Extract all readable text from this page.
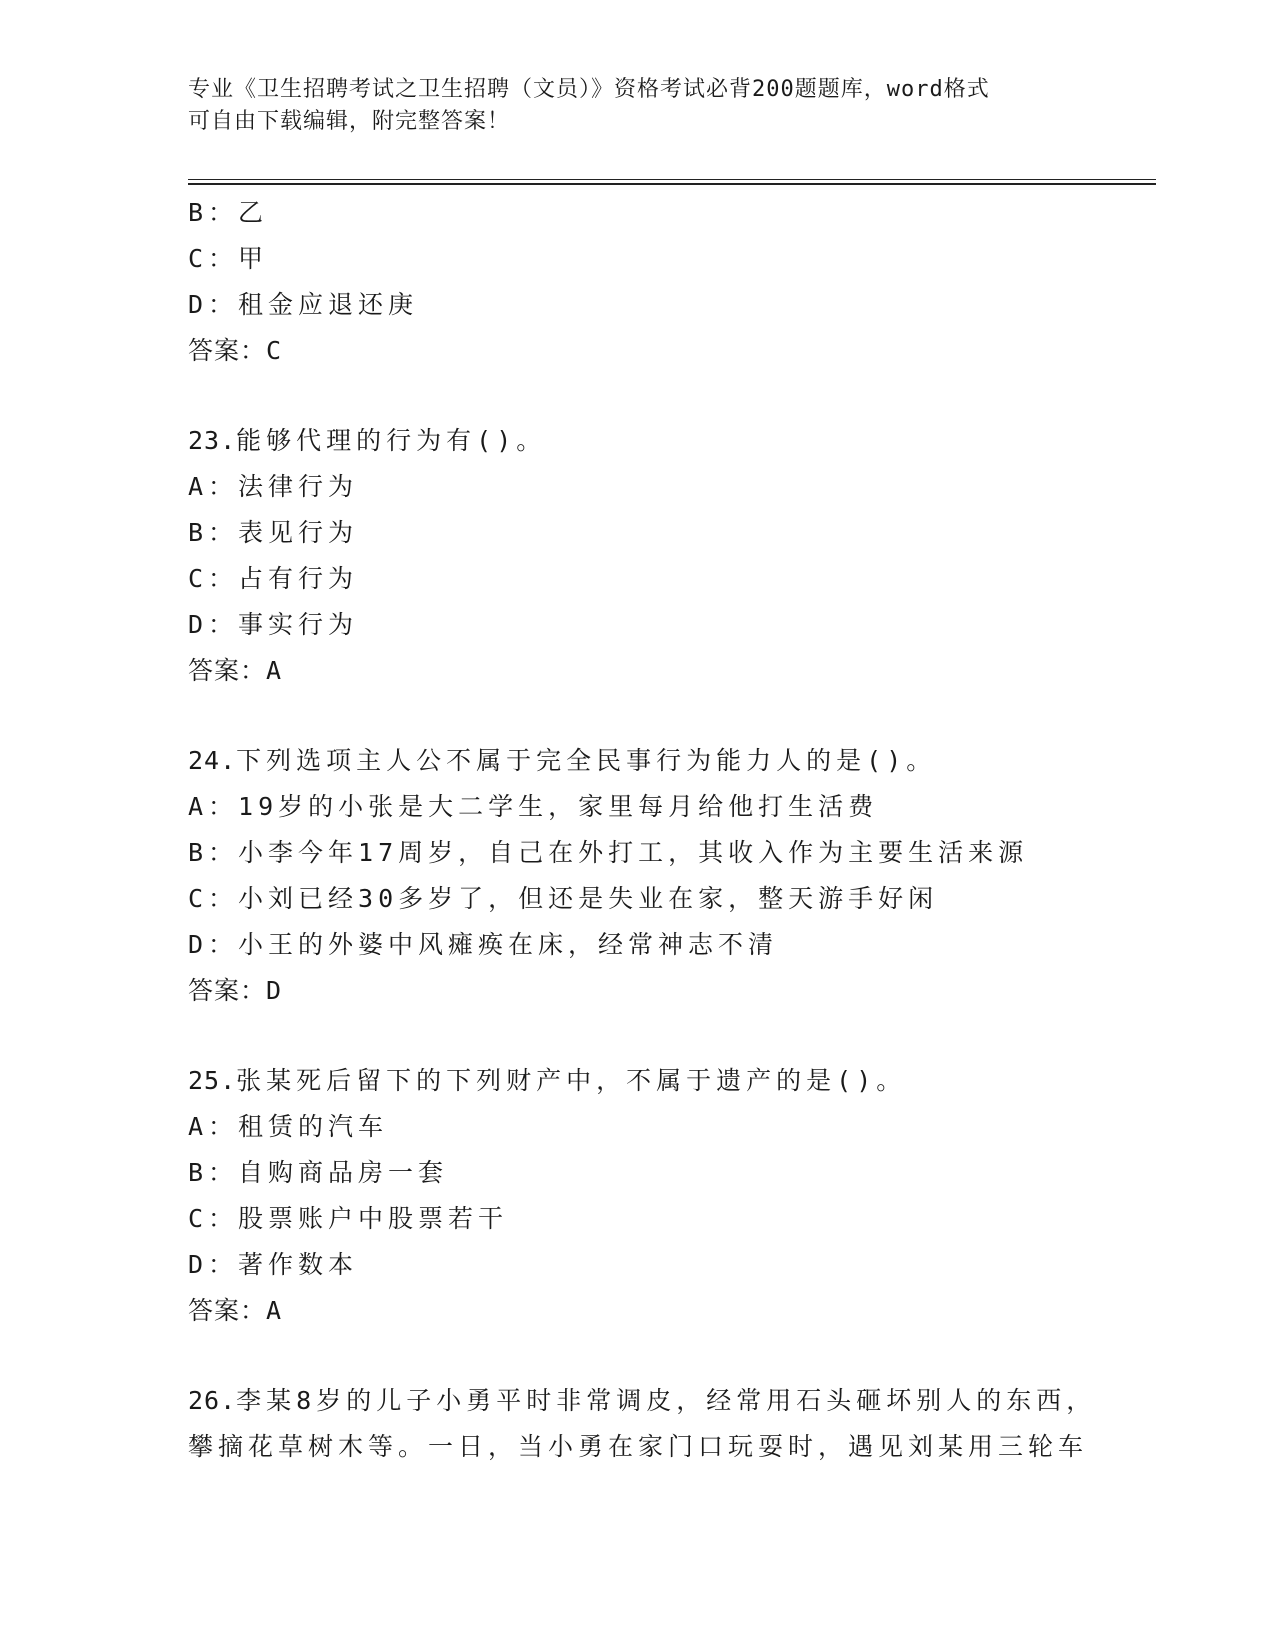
专业《卫生招聘考试之卫生招聘（文员）》资格考试必背200题题库，word格式
可自由下载编辑，附完整答案！
B：乙
C：甲
D：租金应退还庚
答案：C
23.能够代理的行为有()。
A：法律行为
B：表见行为
C：占有行为
D：事实行为
答案：A
24.下列选项主人公不属于完全民事行为能力人的是()。
A：19岁的小张是大二学生，家里每月给他打生活费
B：小李今年17周岁，自己在外打工，其收入作为主要生活来源
C：小刘已经30多岁了，但还是失业在家，整天游手好闲
D：小王的外婆中风瘫痪在床，经常神志不清
答案：D
25.张某死后留下的下列财产中，不属于遗产的是()。
A：租赁的汽车
B：自购商品房一套
C：股票账户中股票若干
D：著作数本
答案：A
26.李某8岁的儿子小勇平时非常调皮，经常用石头砸坏别人的东西，
攀摘花草树木等。一日，当小勇在家门口玩耍时，遇见刘某用三轮车
